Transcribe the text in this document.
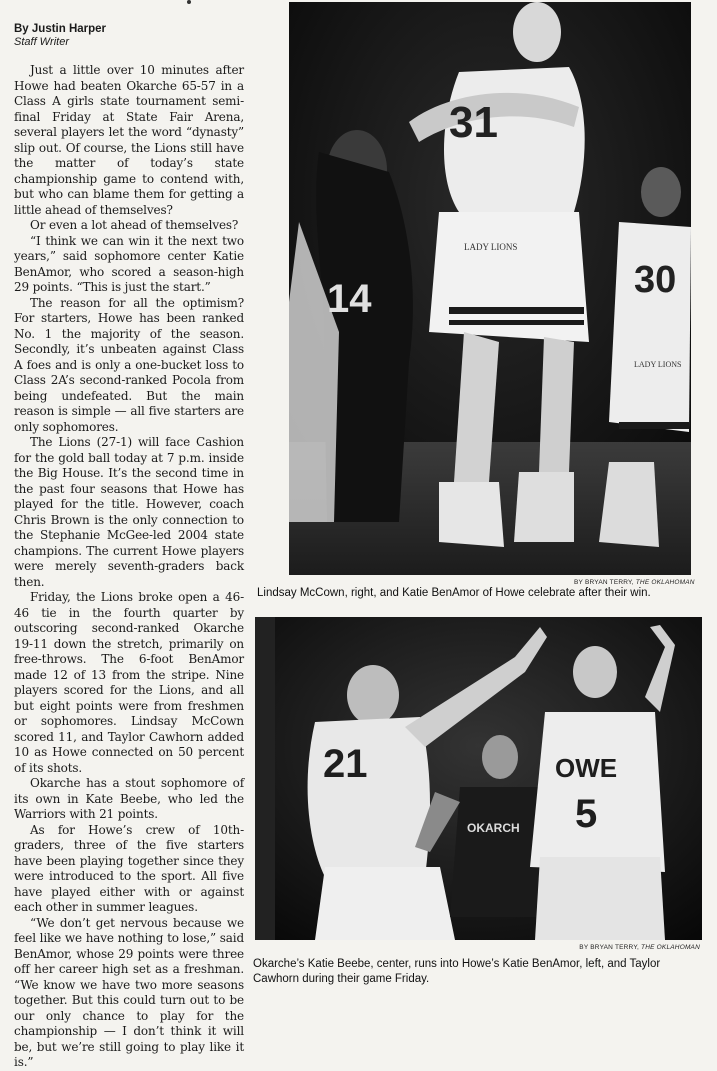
By Justin Harper
Staff Writer

Just a little over 10 minutes after Howe had beaten Okarche 65-57 in a Class A girls state tournament semi-final Friday at State Fair Arena, several players let the word “dynasty” slip out. Of course, the Lions still have the matter of today’s state championship game to contend with, but who can blame them for getting a little ahead of themselves?

Or even a lot ahead of themselves?

“I think we can win it the next two years,” said sophomore center Katie BenAmor, who scored a season-high 29 points. “This is just the start.”

The reason for all the optimism? For starters, Howe has been ranked No. 1 the majority of the season. Secondly, it’s unbeaten against Class A foes and is only a one-bucket loss to Class 2A’s second-ranked Pocola from being undefeated. But the main reason is simple — all five starters are only sophomores.

The Lions (27-1) will face Cashion for the gold ball today at 7 p.m. inside the Big House. It’s the second time in the past four seasons that Howe has played for the title. However, coach Chris Brown is the only connection to the Stephanie McGee-led 2004 state champions. The current Howe players were merely seventh-graders back then.

Friday, the Lions broke open a 46-46 tie in the fourth quarter by outscoring second-ranked Okarche 19-11 down the stretch, primarily on free-throws. The 6-foot BenAmor made 12 of 13 from the stripe. Nine players scored for the Lions, and all but eight points were from freshmen or sophomores. Lindsay McCown scored 11, and Taylor Cawhorn added 10 as Howe connected on 50 percent of its shots.

Okarche has a stout sophomore of its own in Kate Beebe, who led the Warriors with 21 points.

As for Howe’s crew of 10th-graders, three of the five starters have been playing together since they were introduced to the sport. All five have played either with or against each other in summer leagues.

“We don’t get nervous because we feel like we have nothing to lose,” said BenAmor, whose 29 points were three off her career high set as a freshman. “We know we have two more seasons together. But this could turn out to be our only chance to play for the championship — I don’t think it will be, but we’re still going to play like it is.”

31
14	30
LADY LIONS
LADY LIONS
BY BRYAN TERRY, THE OKLAHOMAN
Lindsay McCown, right, and Katie BenAmor of Howe celebrate after their win.
21
5
OWE
OKARCH
BY BRYAN TERRY, THE OKLAHOMAN
Okarche’s Katie Beebe, center, runs into Howe’s Katie BenAmor, left, and Taylor Cawhorn during their game Friday.
